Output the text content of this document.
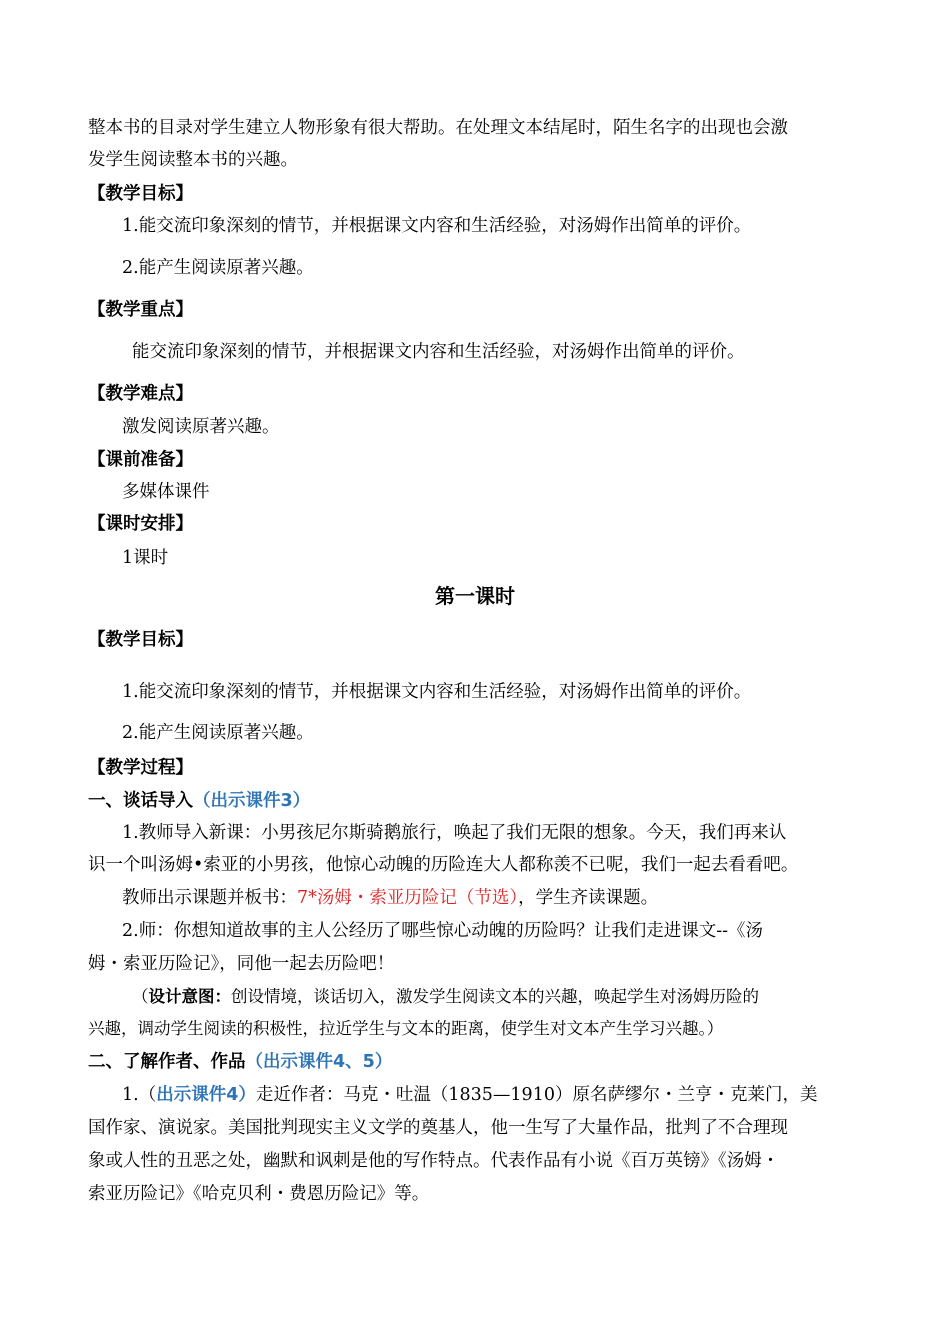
整本书的目录对学生建立人物形象有很大帮助。在处理文本结尾时，陌生名字的出现也会激
发学生阅读整本书的兴趣。
【教学目标】
1.能交流印象深刻的情节，并根据课文内容和生活经验，对汤姆作出简单的评价。
2.能产生阅读原著兴趣。
【教学重点】
能交流印象深刻的情节，并根据课文内容和生活经验，对汤姆作出简单的评价。
【教学难点】
激发阅读原著兴趣。
【课前准备】
多媒体课件
【课时安排】
1课时
第一课时
【教学目标】
1.能交流印象深刻的情节，并根据课文内容和生活经验，对汤姆作出简单的评价。
2.能产生阅读原著兴趣。
【教学过程】
一、谈话导入（出示课件3）
1.教师导入新课：小男孩尼尔斯骑鹅旅行，唤起了我们无限的想象。今天，我们再来认
识一个叫汤姆•索亚的小男孩，他惊心动魄的历险连大人都称羡不已呢，我们一起去看看吧。
教师出示课题并板书：7*汤姆・索亚历险记（节选），学生齐读课题。
2.师：你想知道故事的主人公经历了哪些惊心动魄的历险吗？让我们走进课文--《汤
姆・索亚历险记》，同他一起去历险吧！
（设计意图：创设情境，谈话切入，激发学生阅读文本的兴趣，唤起学生对汤姆历险的
兴趣，调动学生阅读的积极性，拉近学生与文本的距离，使学生对文本产生学习兴趣。）
二、了解作者、作品（出示课件4、5）
1.（出示课件4）走近作者：马克・吐温（1835—1910）原名萨缪尔・兰亨・克莱门，美
国作家、演说家。美国批判现实主义文学的奠基人，他一生写了大量作品，批判了不合理现
象或人性的丑恶之处，幽默和讽刺是他的写作特点。代表作品有小说《百万英镑》《汤姆・
索亚历险记》《哈克贝利・费恩历险记》等。
